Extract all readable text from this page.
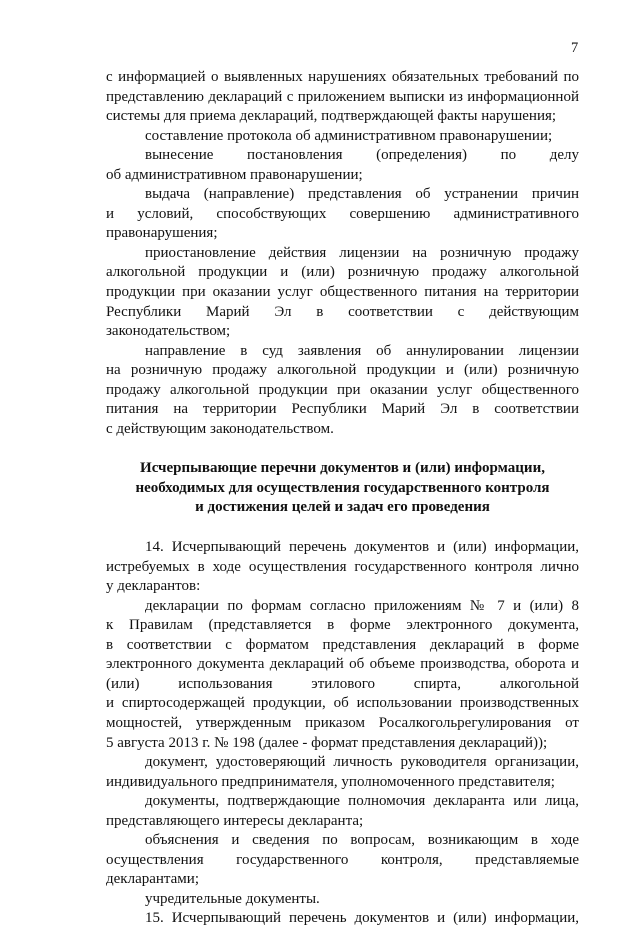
7
с информацией о выявленных нарушениях обязательных требований по
представлению деклараций с приложением выписки из информационной
системы для приема деклараций, подтверждающей факты нарушения;
составление протокола об административном правонарушении;
вынесение постановления (определения) по делу
об административном правонарушении;
выдача (направление) представления об устранении причин
и условий, способствующих совершению административного
правонарушения;
приостановление действия лицензии на розничную продажу
алкогольной продукции и (или) розничную продажу алкогольной
продукции при оказании услуг общественного питания на территории
Республики Марий Эл в соответствии с действующим
законодательством;
направление в суд заявления об аннулировании лицензии
на розничную продажу алкогольной продукции и (или) розничную
продажу алкогольной продукции при оказании услуг общественного
питания на территории Республики Марий Эл в соответствии
с действующим законодательством.
Исчерпывающие перечни документов и (или) информации,
необходимых для осуществления государственного контроля
и достижения целей и задач его проведения
14. Исчерпывающий перечень документов и (или) информации,
истребуемых в ходе осуществления государственного контроля лично
у декларантов:
декларации по формам согласно приложениям № 7 и (или) 8
к Правилам (представляется в форме электронного документа,
в соответствии с форматом представления деклараций в форме
электронного документа деклараций об объеме производства, оборота и
(или) использования этилового спирта, алкогольной
и спиртосодержащей продукции, об использовании производственных
мощностей, утвержденным приказом Росалкогольрегулирования от
5 августа 2013 г. № 198 (далее - формат представления деклараций));
документ, удостоверяющий личность руководителя организации,
индивидуального предпринимателя, уполномоченного представителя;
документы, подтверждающие полномочия декларанта или лица,
представляющего интересы декларанта;
объяснения и сведения по вопросам, возникающим в ходе
осуществления государственного контроля, представляемые
декларантами;
учредительные документы.
15. Исчерпывающий перечень документов и (или) информации,
